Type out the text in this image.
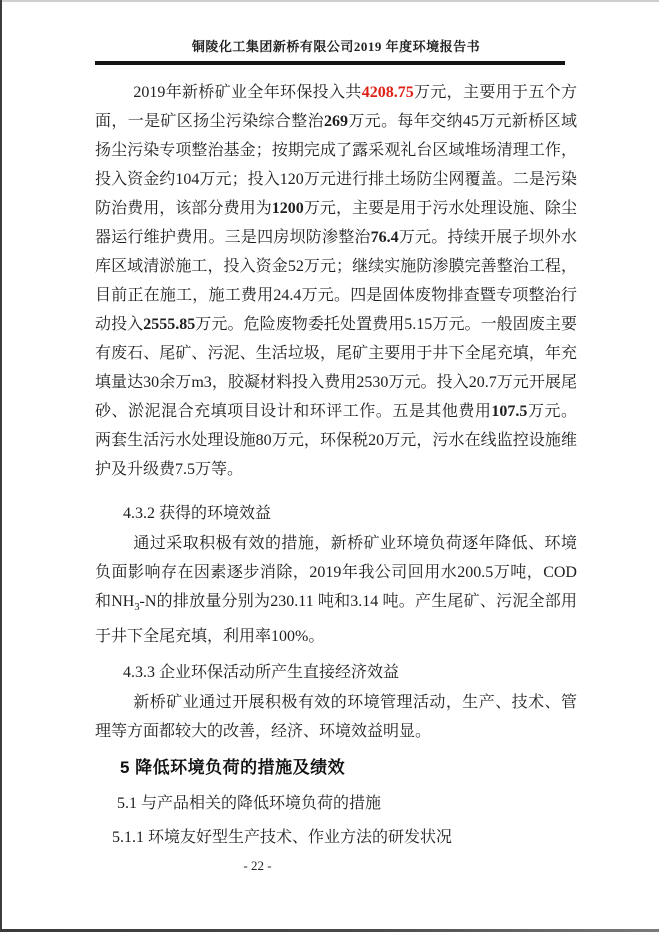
铜陵化工集团新桥有限公司2019 年度环境报告书

2019年新桥矿业全年环保投入共4208.75万元，主要用于五个方面，一是矿区扬尘污染综合整治269万元。每年交纳45万元新桥区域扬尘污染专项整治基金；按期完成了露采观礼台区域堆场清理工作，投入资金约104万元；投入120万元进行排土场防尘网覆盖。二是污染防治费用，该部分费用为1200万元，主要是用于污水处理设施、除尘器运行维护费用。三是四房坝防渗整治76.4万元。持续开展子坝外水库区域清淤施工，投入资金52万元；继续实施防渗膜完善整治工程，目前正在施工，施工费用24.4万元。四是固体废物排查暨专项整治行动投入2555.85万元。危险废物委托处置费用5.15万元。一般固废主要有废石、尾矿、污泥、生活垃圾，尾矿主要用于井下全尾充填，年充填量达30余万m3，胶凝材料投入费用2530万元。投入20.7万元开展尾砂、淤泥混合充填项目设计和环评工作。五是其他费用107.5万元。两套生活污水处理设施80万元，环保税20万元，污水在线监控设施维护及升级费7.5万等。

4.3.2 获得的环境效益

通过采取积极有效的措施，新桥矿业环境负荷逐年降低、环境负面影响存在因素逐步消除，2019年我公司回用水200.5万吨，COD和$NH_3-N$的排放量分别为230.11 吨和3.14 吨。产生尾矿、污泥全部用于井下全尾充填，利用率100%。

4.3.3 企业环保活动所产生直接经济效益

新桥矿业通过开展积极有效的环境管理活动，生产、技术、管理等方面都较大的改善，经济、环境效益明显。

5 降低环境负荷的措施及绩效
5.1 与产品相关的降低环境负荷的措施
5.1.1 环境友好型生产技术、作业方法的研发状况
- 22 -
